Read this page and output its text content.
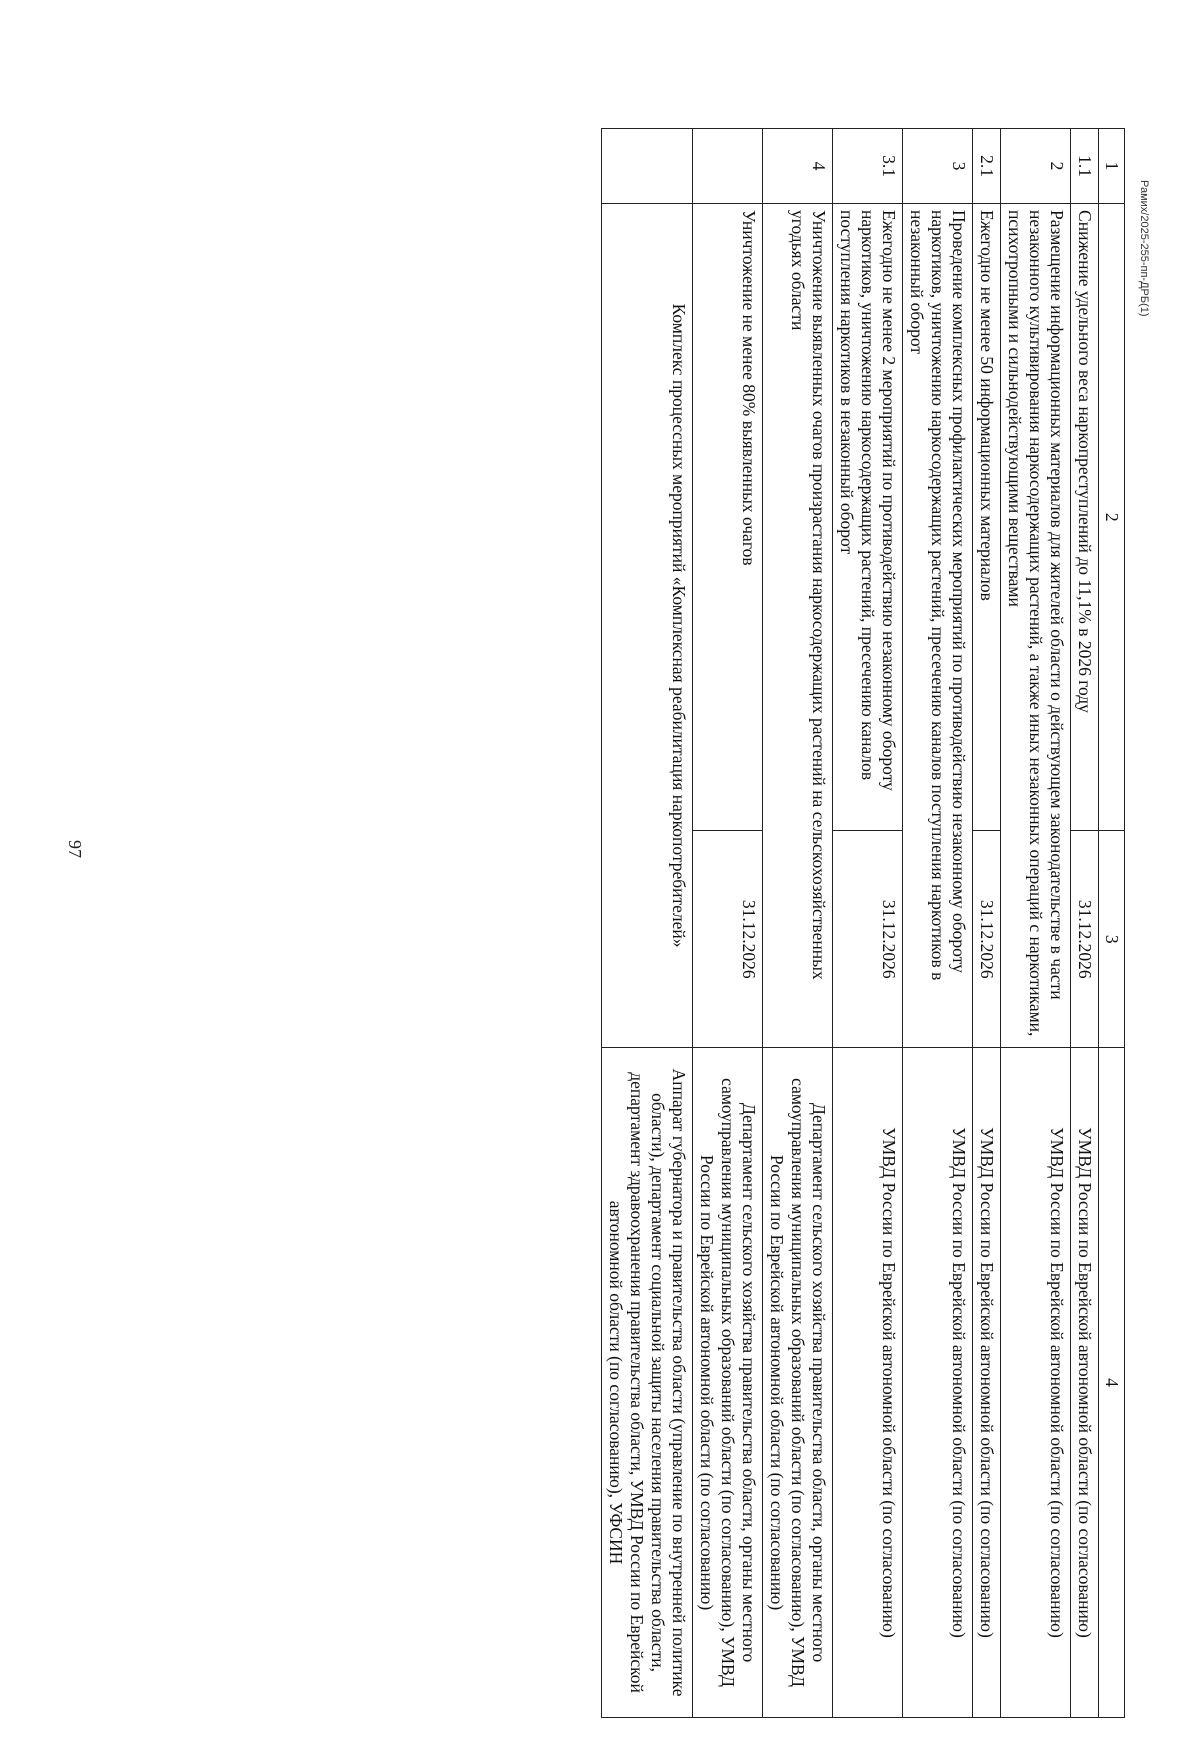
97
Рамих/2025-255-пп-ДРБ(1)
1	2	3	4
1.1	Снижение удельного веса наркопреступлений до 11,1% в 2026 году	31.12.2026	УМВД России по Еврейской автономной области (по согласованию)
2	Размещение информационных материалов для жителей области о действующем законодательстве в части незаконного культивирования наркосодержащих растений, а также иных незаконных операций с наркотиками, психотропными и сильнодействующими веществами		УМВД России по Еврейской автономной области (по согласованию)
2.1	Ежегодно не менее 50 информационных материалов	31.12.2026	УМВД России по Еврейской автономной области (по согласованию)
3	Проведение комплексных профилактических мероприятий по противодействию незаконному обороту наркотиков, уничтожению наркосодержащих растений, пресечению каналов поступления наркотиков в незаконный оборот		УМВД России по Еврейской автономной области (по согласованию)
3.1	Ежегодно не менее 2 мероприятий по противодействию незаконному обороту наркотиков, уничтожению наркосодержащих растений, пресечению каналов поступления наркотиков в незаконный оборот	31.12.2026	УМВД России по Еврейской автономной области (по согласованию)
4	Уничтожение выявленных очагов произрастания наркосодержащих растений на сельскохозяйственных угодьях области		Департамент сельского хозяйства правительства области, органы местного самоуправления муниципальных образований области (по согласованию), УМВД России по Еврейской автономной области (по согласованию)
	Уничтожение не менее 80% выявленных очагов	31.12.2026	Департамент сельского хозяйства правительства области, органы местного самоуправления муниципальных образований области (по согласованию), УМВД России по Еврейской автономной области (по согласованию)
	Комплекс процессных мероприятий «Комплексная реабилитация наркопотребителей»		Аппарат губернатора и правительства области (управление по внутренней политике области), департамент социальной защиты населения правительства области, департамент здравоохранения правительства области, УМВД России по Еврейской автономной области (по согласованию), УФСИН
